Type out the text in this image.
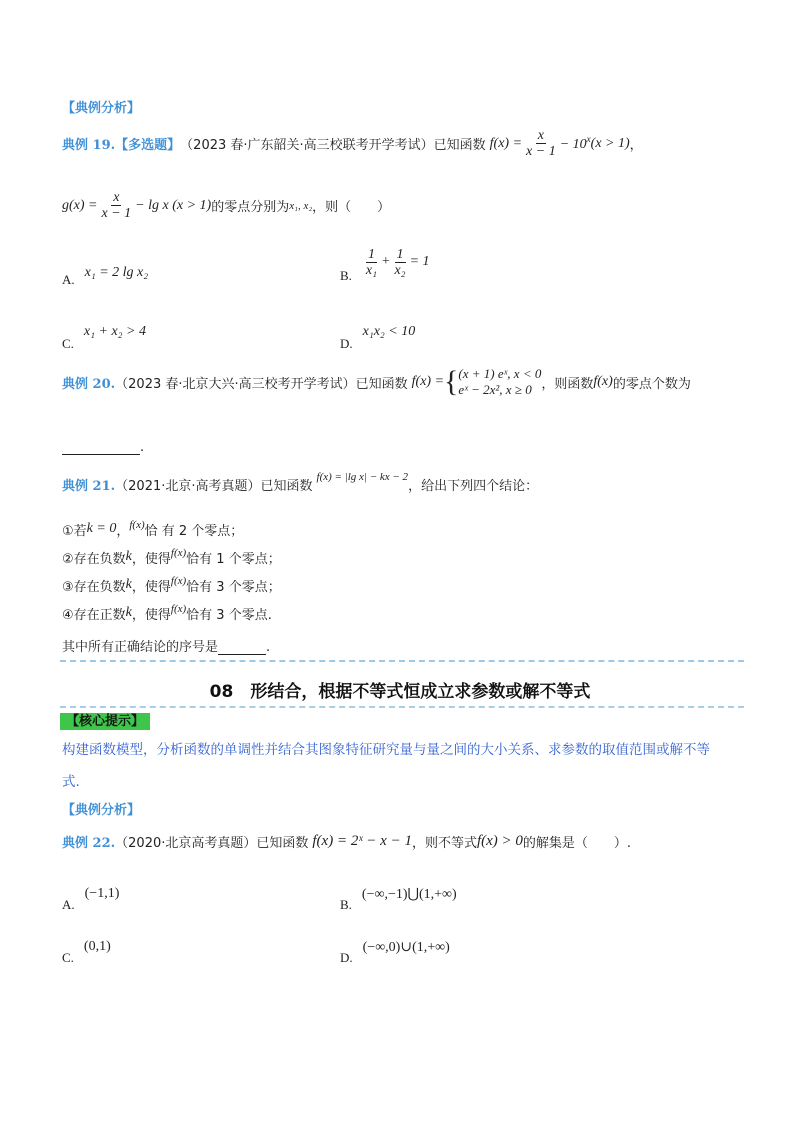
【典例分析】
典例 19. 【多选题】 （2023 春·广东韶关·高三校联考开学考试）已知函数 $f(x) = \frac{x}{x - 1} - 10^x$ (x > 1) ，
$g(x) = \frac{x}{x - 1} - \lg x$ (x > 1) 的零点分别为 x₁, x₂ ，则（　　）
A. x₁ = 2 lg x₂	B. $\frac{1}{\text{x₁}} + \frac{1}{\text{x₂}} = 1$
C.
x₁ + x₂ > 4
D.
x₁x₂ < 10
典例 20. （2023 春·北京大兴·高三校考开学考试）已知函数 f(x) = { (x + 1) eˣ, x < 0
eˣ − 2x², x ≥ 0 ，则函数 f(x) 的零点个数为
.
典例 21. （2021·北京·高考真题）已知函数
f(x) = |lg x| − kx − 2
，给出下列四个结论：
①若 k = 0 ， f(x) 恰 有 2 个零点；
②存在负数 k ，使得 f(x) 恰有 1 个零点；
③存在负数 k ，使得 f(x) 恰有 3 个零点；
④存在正数 k ，使得 f(x) 恰有 3 个零点.
其中所有正确结论的序号是	.
08　形结合，根据不等式恒成立求参数或解不等式
【核心提示】
构建函数模型，分析函数的单调性并结合其图象特征研究量与量之间的大小关系、求参数的取值范围或解不等
式.
【典例分析】
典例 22. （2020·北京高考真题）已知函数 f(x) = 2ˣ − x − 1 ，则不等式 f(x) > 0 的解集是（　　）.
A.
(−1,1)
B.
(−∞,−1)⋃(1,+∞)
C.
(0,1)
D.
(−∞,0)∪(1,+∞)
